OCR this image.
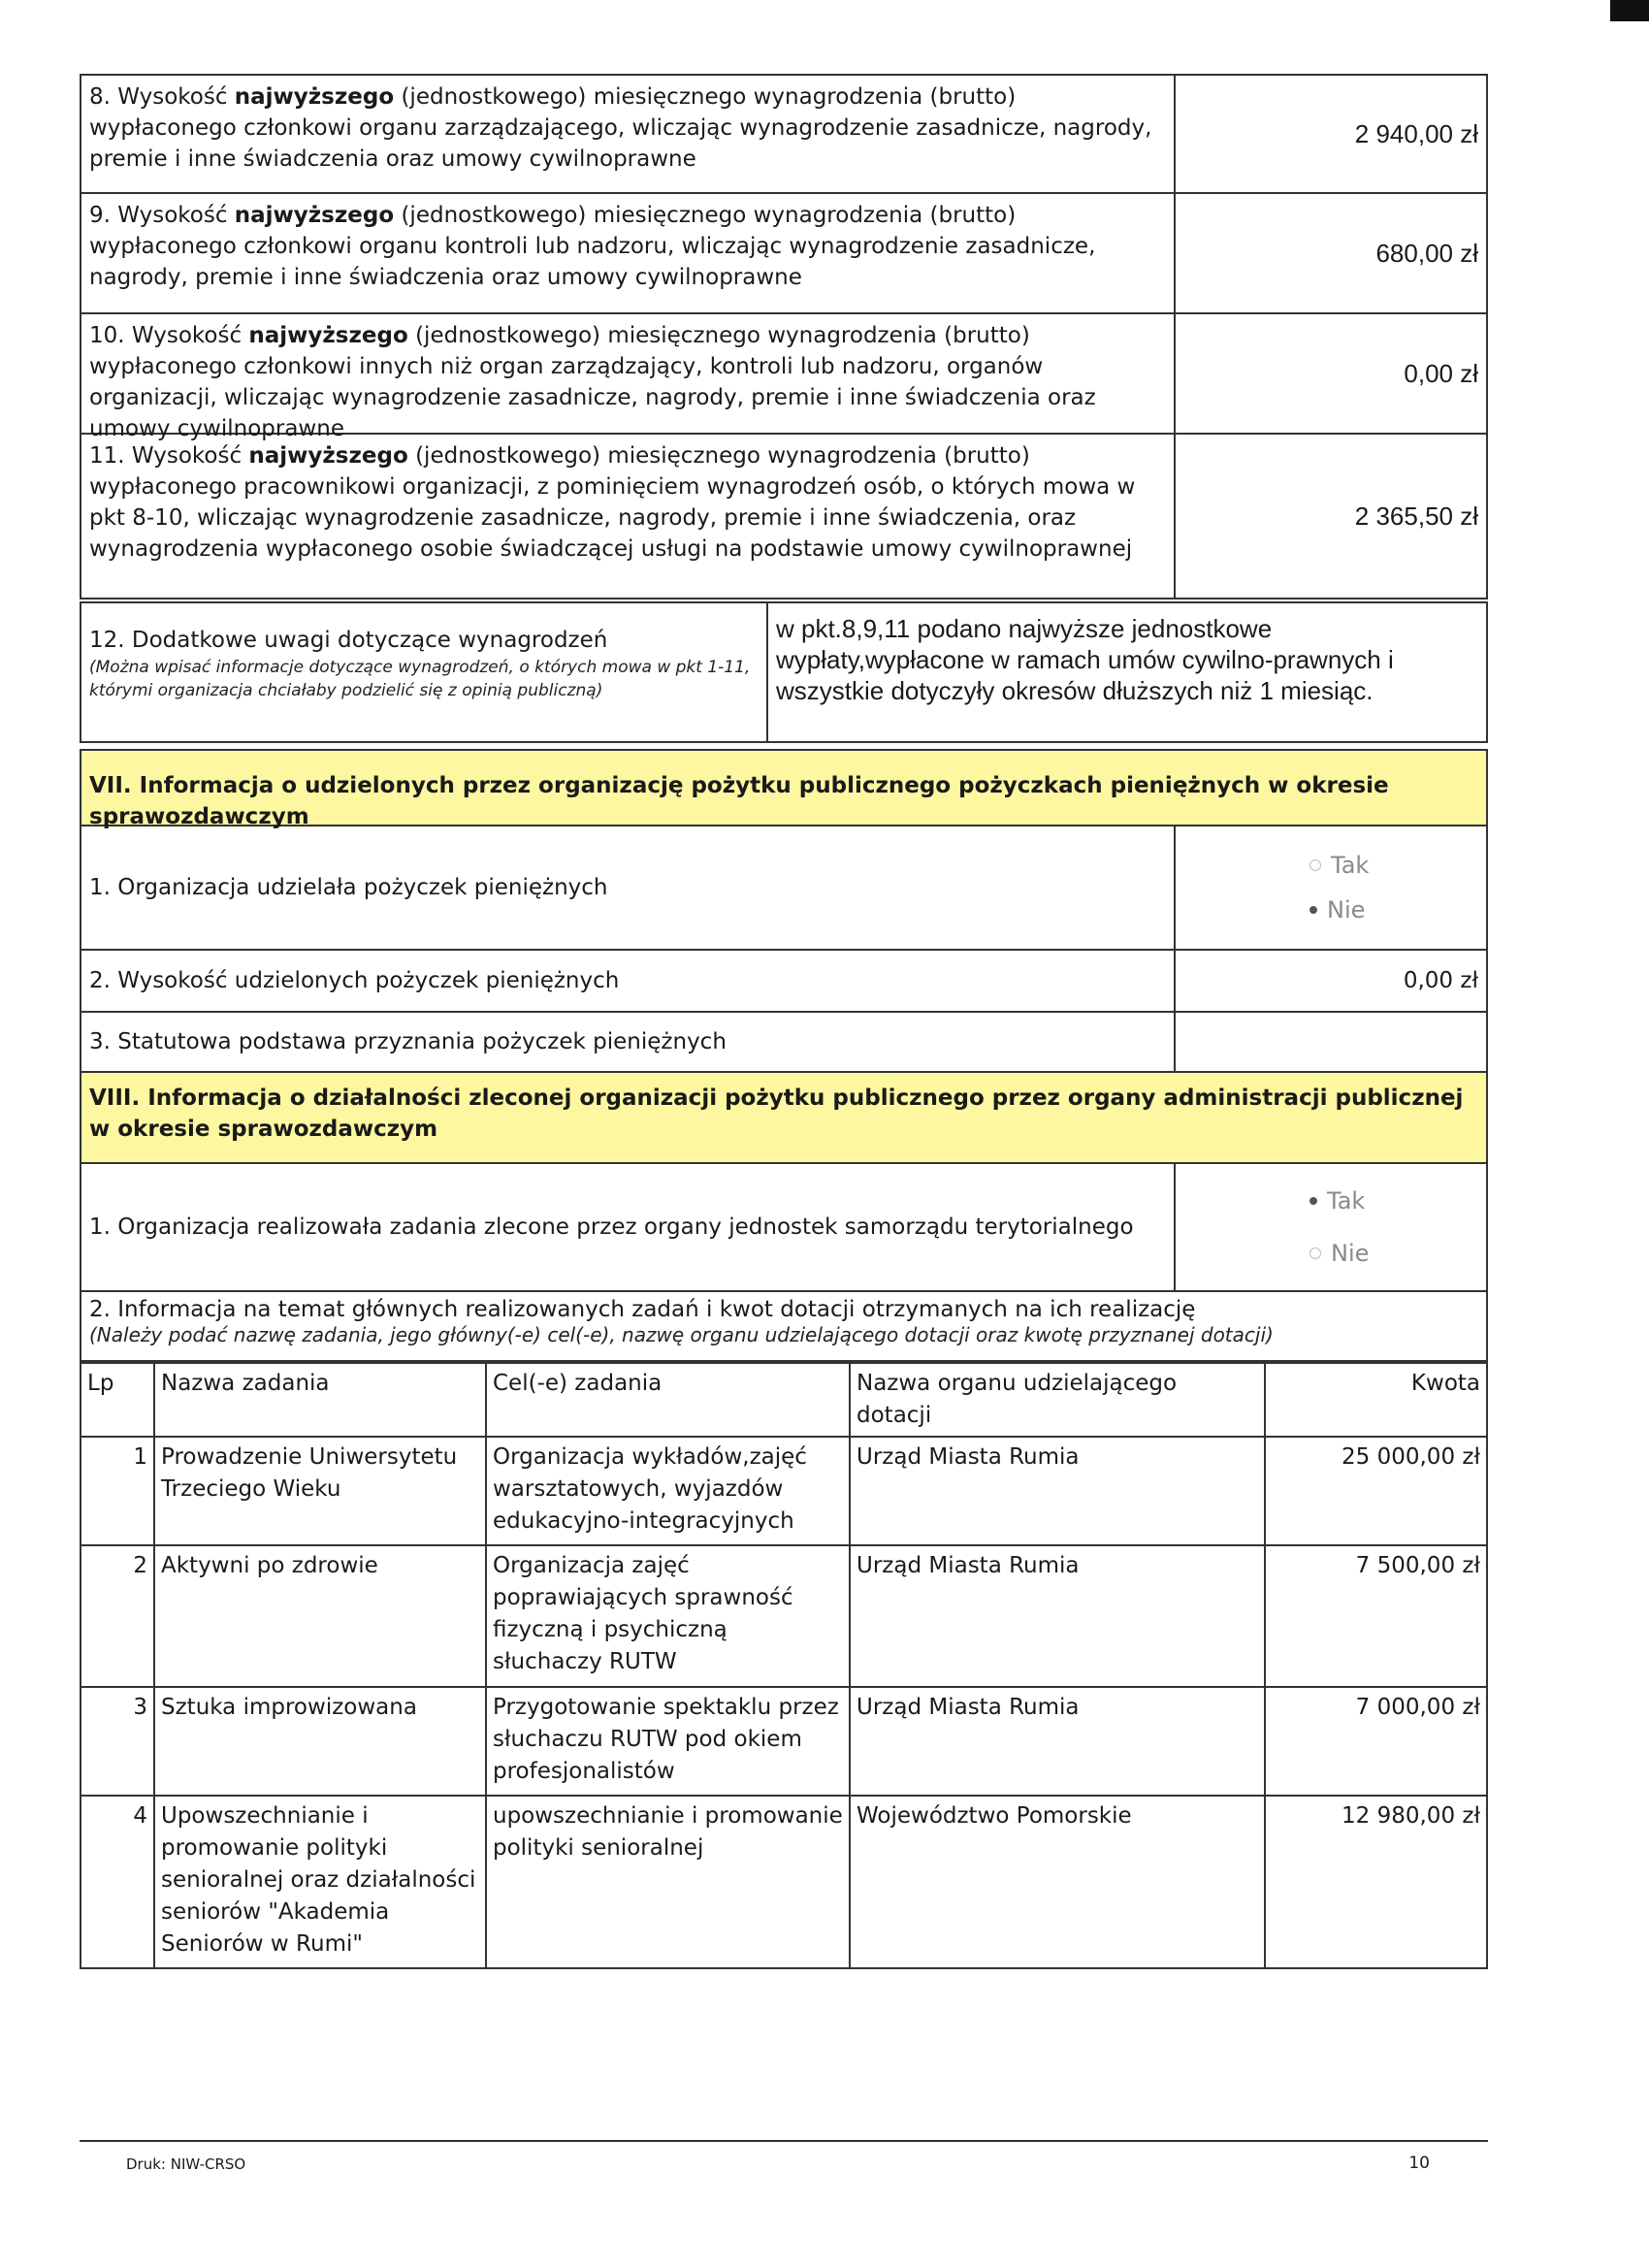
8. Wysokość najwyższego (jednostkowego) miesięcznego wynagrodzenia (brutto) wypłaconego członkowi organu zarządzającego, wliczając wynagrodzenie zasadnicze, nagrody, premie i inne świadczenia oraz umowy cywilnoprawne
2 940,00 zł
9. Wysokość najwyższego (jednostkowego) miesięcznego wynagrodzenia (brutto) wypłaconego członkowi organu kontroli lub nadzoru, wliczając wynagrodzenie zasadnicze, nagrody, premie i inne świadczenia oraz umowy cywilnoprawne
680,00 zł
10. Wysokość najwyższego (jednostkowego) miesięcznego wynagrodzenia (brutto) wypłaconego członkowi innych niż organ zarządzający, kontroli lub nadzoru, organów organizacji, wliczając wynagrodzenie zasadnicze, nagrody, premie i inne świadczenia oraz umowy cywilnoprawne
0,00 zł
11. Wysokość najwyższego (jednostkowego) miesięcznego wynagrodzenia (brutto) wypłaconego pracownikowi organizacji, z pominięciem wynagrodzeń osób, o których mowa w pkt 8-10, wliczając wynagrodzenie zasadnicze, nagrody, premie i inne świadczenia, oraz wynagrodzenia wypłaconego osobie świadczącej usługi na podstawie umowy cywilnoprawnej
2 365,50 zł
12. Dodatkowe uwagi dotyczące wynagrodzeń
(Można wpisać informacje dotyczące wynagrodzeń, o których mowa w pkt 1-11, którymi organizacja chciałaby podzielić się z opinią publiczną)
w pkt.8,9,11 podano najwyższe jednostkowe wypłaty,wypłacone w ramach umów cywilno-prawnych i wszystkie dotyczyły okresów dłuższych niż 1 miesiąc.
VII. Informacja o udzielonych przez organizację pożytku publicznego pożyczkach pieniężnych w okresie sprawozdawczym
1. Organizacja udzielała pożyczek pieniężnych
Tak
Nie
2. Wysokość udzielonych pożyczek pieniężnych	0,00 zł
3. Statutowa podstawa przyznania pożyczek pieniężnych
VIII. Informacja o działalności zleconej organizacji pożytku publicznego przez organy administracji publicznej w okresie sprawozdawczym
1. Organizacja realizowała zadania zlecone przez organy jednostek samorządu terytorialnego
Tak
Nie
2. Informacja na temat głównych realizowanych zadań i kwot dotacji otrzymanych na ich realizację
(Należy podać nazwę zadania, jego główny(-e) cel(-e), nazwę organu udzielającego dotacji oraz kwotę przyznanej dotacji)
Lp	Nazwa zadania	Cel(-e) zadania	Nazwa organu udzielającego dotacji	Kwota
1	Prowadzenie Uniwersytetu Trzeciego Wieku	Organizacja wykładów,zajęć warsztatowych, wyjazdów edukacyjno-integracyjnych	Urząd Miasta Rumia	25 000,00 zł
2	Aktywni po zdrowie	Organizacja zajęć poprawiających sprawność fizyczną i psychiczną słuchaczy RUTW	Urząd Miasta Rumia	7 500,00 zł
3	Sztuka improwizowana	Przygotowanie spektaklu przez słuchaczu RUTW pod okiem profesjonalistów	Urząd Miasta Rumia	7 000,00 zł
4	Upowszechnianie i promowanie polityki senioralnej oraz działalności seniorów "Akademia Seniorów w Rumi"	upowszechnianie i promowanie polityki senioralnej	Województwo Pomorskie	12 980,00 zł
Druk: NIW-CRSO	10
